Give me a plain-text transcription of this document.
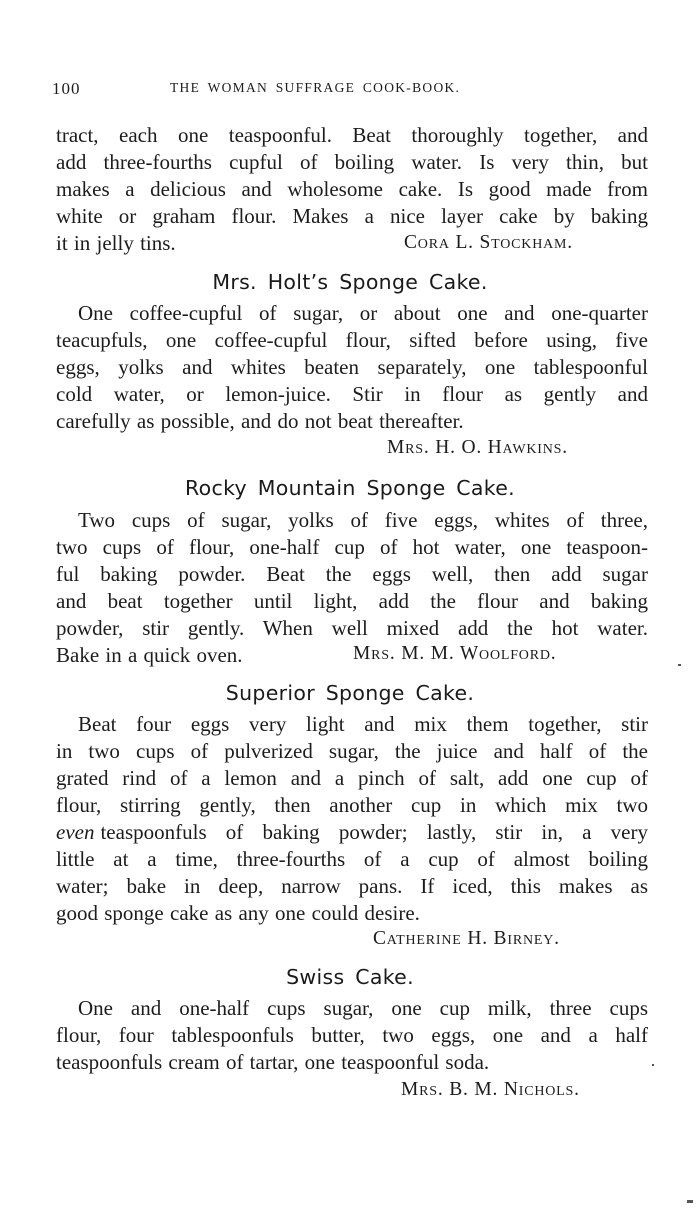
100	THE WOMAN SUFFRAGE COOK-BOOK.
tract, each one teaspoonful. Beat thoroughly together, and
add three-fourths cupful of boiling water. Is very thin, but
makes a delicious and wholesome cake. Is good made from
white or graham flour. Makes a nice layer cake by baking
it in jelly tins.	Cora L. Stockham.
Mrs. Holt’s Sponge Cake.
One coffee-cupful of sugar, or about one and one-quarter
teacupfuls, one coffee-cupful flour, sifted before using, five
eggs, yolks and whites beaten separately, one tablespoonful
cold water, or lemon-juice. Stir in flour as gently and
carefully as possible, and do not beat thereafter.
Mrs. H. O. Hawkins.
Rocky Mountain Sponge Cake.
Two cups of sugar, yolks of five eggs, whites of three,
two cups of flour, one-half cup of hot water, one teaspoon-
ful baking powder. Beat the eggs well, then add sugar
and beat together until light, add the flour and baking
powder, stir gently. When well mixed add the hot water.
Bake in a quick oven.	Mrs. M. M. Woolford.
Superior Sponge Cake.
Beat four eggs very light and mix them together, stir
in two cups of pulverized sugar, the juice and half of the
grated rind of a lemon and a pinch of salt, add one cup of
flour, stirring gently, then another cup in which mix two
even teaspoonfuls of baking powder; lastly, stir in, a very
little at a time, three-fourths of a cup of almost boiling
water; bake in deep, narrow pans. If iced, this makes as
good sponge cake as any one could desire.
Catherine H. Birney.
Swiss Cake.
One and one-half cups sugar, one cup milk, three cups
flour, four tablespoonfuls butter, two eggs, one and a half
teaspoonfuls cream of tartar, one teaspoonful soda.
Mrs. B. M. Nichols.
